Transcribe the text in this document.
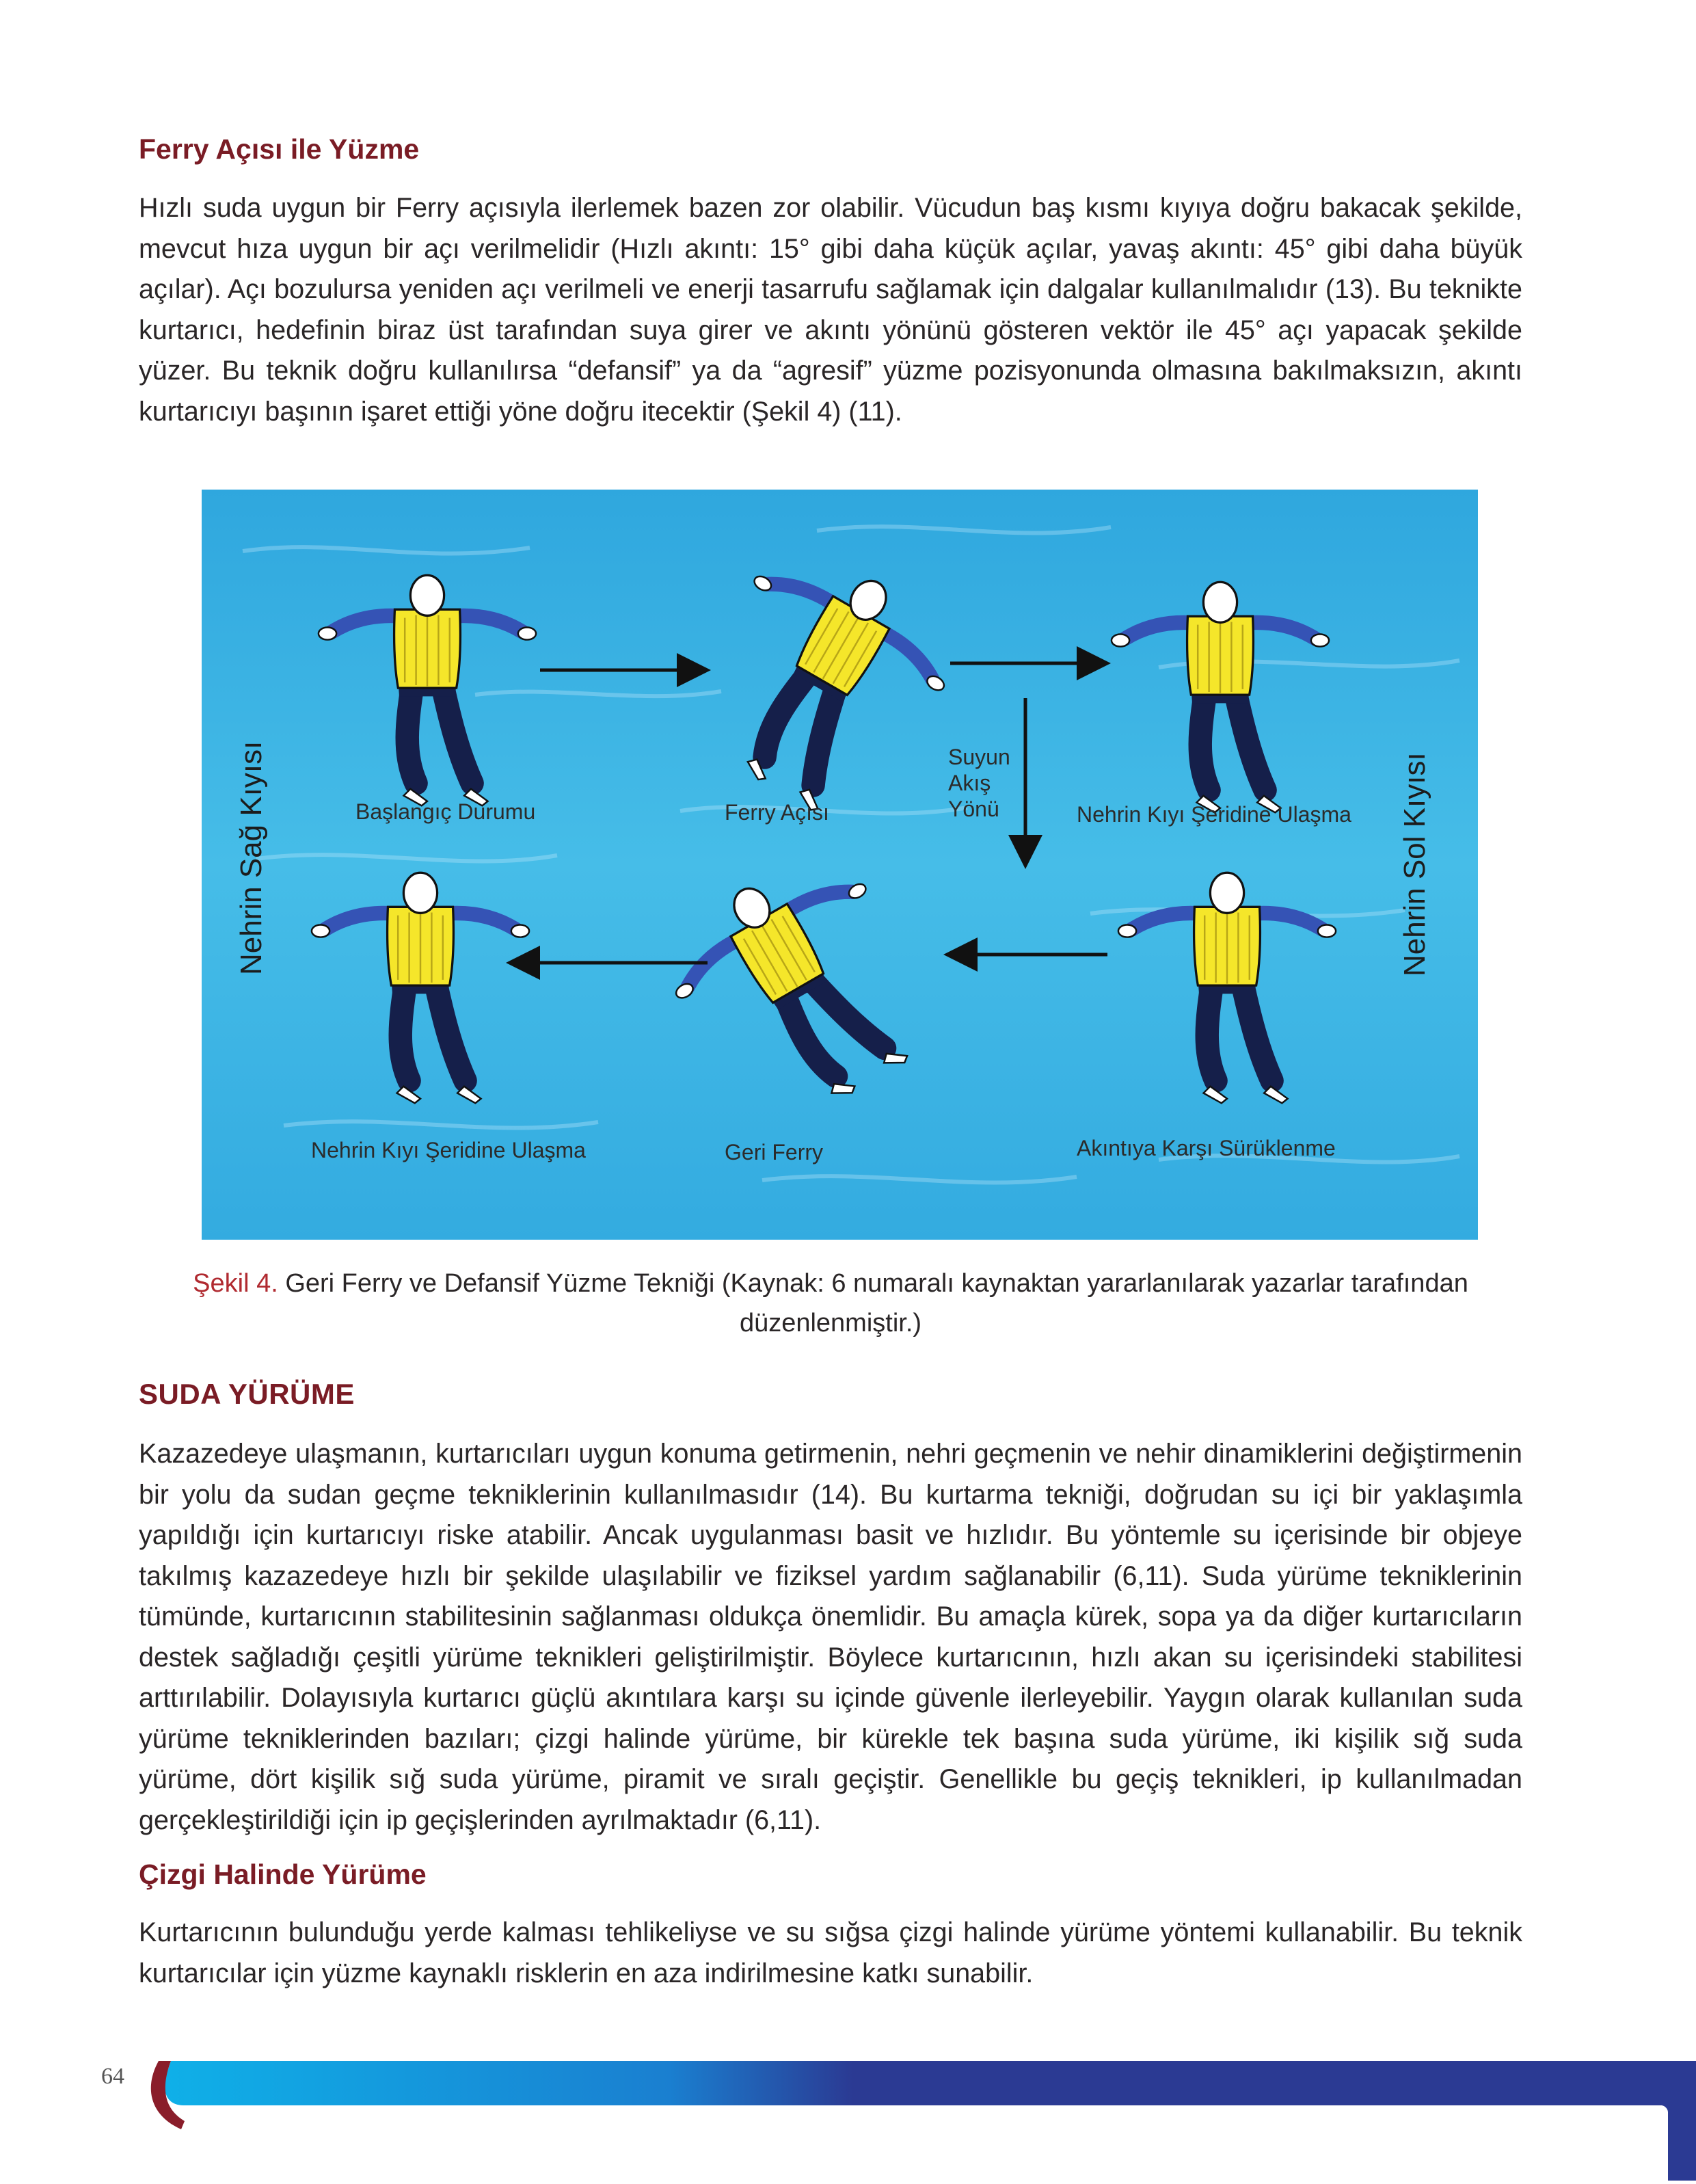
Ferry Açısı ile Yüzme

Hızlı suda uygun bir Ferry açısıyla ilerlemek bazen zor olabilir. Vücudun baş kısmı kıyıya doğru bakacak şekilde, mevcut hıza uygun bir açı verilmelidir (Hızlı akıntı: 15° gibi daha küçük açılar, yavaş akıntı: 45° gibi daha büyük açılar). Açı bozulursa yeniden açı verilmeli ve enerji tasarrufu sağlamak için dalgalar kullanılmalıdır (13). Bu teknikte kurtarıcı, hedefinin biraz üst tarafından suya girer ve akıntı yönünü gösteren vektör ile 45° açı yapacak şekilde yüzer. Bu teknik doğru kullanılırsa “defansif” ya da “agresif” yüzme pozisyonunda olmasına bakılmaksızın, akıntı kurtarıcıyı başının işaret ettiği yöne doğru itecektir (Şekil 4) (11).

Nehrin Sağ Kıyısı	Nehrin Sol Kıyısı
Suyun
Akış
Yönü
Başlangıç Durumu	Ferry Açısı	Nehrin Kıyı Şeridine Ulaşma
Nehrin Kıyı Şeridine Ulaşma	Geri Ferry	Akıntıya Karşı Sürüklenme

Şekil 4. Geri Ferry ve Defansif Yüzme Tekniği (Kaynak: 6 numaralı kaynaktan yararlanılarak yazarlar tarafından düzenlenmiştir.)

SUDA YÜRÜME

Kazazedeye ulaşmanın, kurtarıcıları uygun konuma getirmenin, nehri geçmenin ve nehir dinamiklerini değiştirmenin bir yolu da sudan geçme tekniklerinin kullanılmasıdır (14). Bu kurtarma tekniği, doğrudan su içi bir yaklaşımla yapıldığı için kurtarıcıyı riske atabilir. Ancak uygulanması basit ve hızlıdır. Bu yöntemle su içerisinde bir objeye takılmış kazazedeye hızlı bir şekilde ulaşılabilir ve fiziksel yardım sağlanabilir (6,11). Suda yürüme tekniklerinin tümünde, kurtarıcının stabilitesinin sağlanması oldukça önemlidir. Bu amaçla kürek, sopa ya da diğer kurtarıcıların destek sağladığı çeşitli yürüme teknikleri geliştirilmiştir. Böylece kurtarıcının, hızlı akan su içerisindeki stabilitesi arttırılabilir. Dolayısıyla kurtarıcı güçlü akıntılara karşı su içinde güvenle ilerleyebilir. Yaygın olarak kullanılan suda yürüme tekniklerinden bazıları; çizgi halinde yürüme, bir kürekle tek başına suda yürüme, iki kişilik sığ suda yürüme, dört kişilik sığ suda yürüme, piramit ve sıralı geçiştir. Genellikle bu geçiş teknikleri, ip kullanılmadan gerçekleştirildiği için ip geçişlerinden ayrılmaktadır (6,11).

Çizgi Halinde Yürüme

Kurtarıcının bulunduğu yerde kalması tehlikeliyse ve su sığsa çizgi halinde yürüme yöntemi kullanabilir. Bu teknik kurtarıcılar için yüzme kaynaklı risklerin en aza indirilmesine katkı sunabilir.

64
